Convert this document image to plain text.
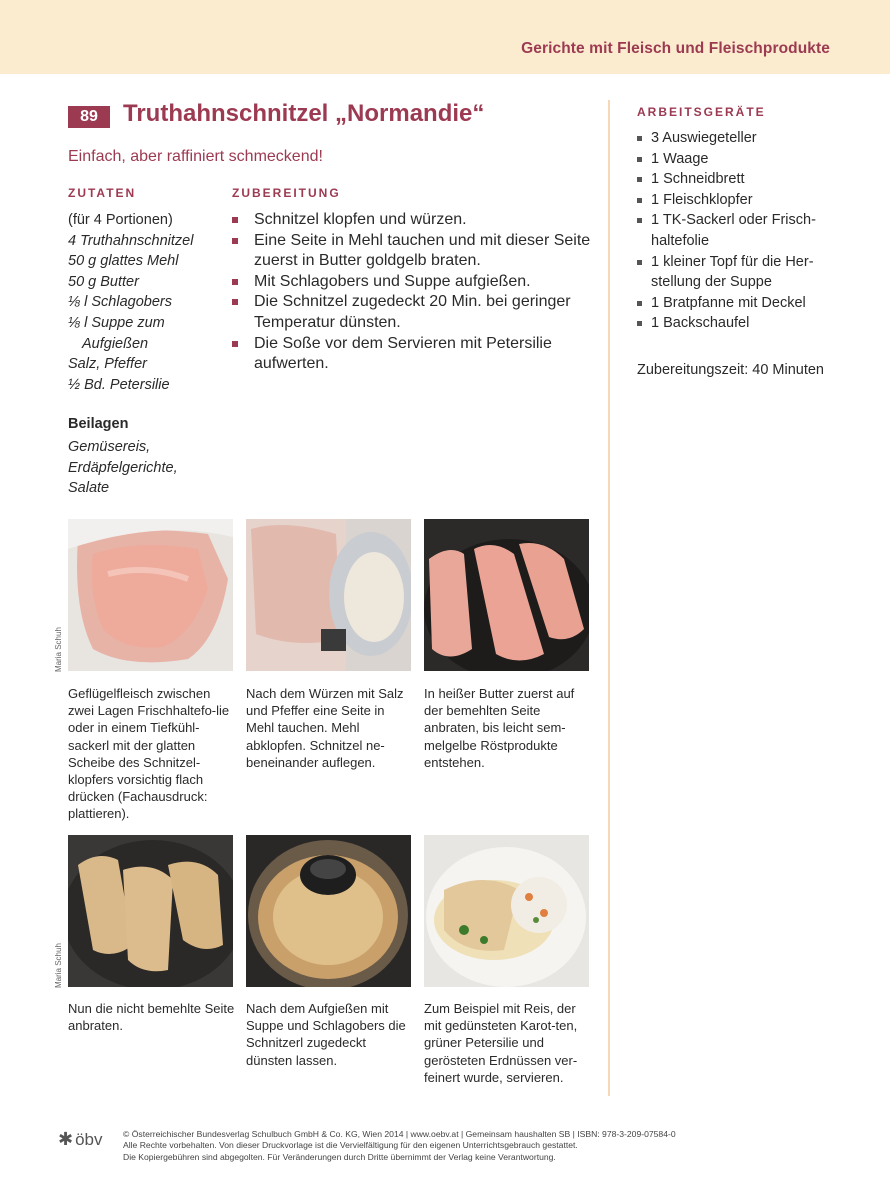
Gerichte mit Fleisch und Fleischprodukte
89	Truthahnschnitzel „Normandie“
Einfach, aber raffiniert schmeckend!
ZUTATEN	ZUBEREITUNG
ARBEITSGERÄTE
(für 4 Portionen)
4 Truthahnschnitzel
50 g glattes Mehl
50 g Butter
⅛ l Schlagobers
⅛ l Suppe zum
Aufgießen
Salz, Pfeffer
½ Bd. Petersilie
Beilagen
Gemüsereis,
Erdäpfelgerichte,
Salate
Schnitzel klopfen und würzen.
Eine Seite in Mehl tauchen und mit dieser Seite zuerst in Butter goldgelb braten.
Mit Schlagobers und Suppe aufgießen.
Die Schnitzel zugedeckt 20 Min. bei geringer Temperatur dünsten.
Die Soße vor dem Servieren mit Petersilie aufwerten.
3 Auswiegeteller
1 Waage
1 Schneidbrett
1 Fleischklopfer
1 TK-Sackerl oder Frisch-haltefolie
1 kleiner Topf für die Her-stellung der Suppe
1 Bratpfanne mit Deckel
1 Backschaufel
Zubereitungszeit: 40 Minuten
Geflügelfleisch zwischen zwei Lagen Frischhaltefo-lie oder in einem Tiefkühl-sackerl mit der glatten Scheibe des Schnitzel-klopfers vorsichtig flach drücken (Fachausdruck: plattieren).
Nach dem Würzen mit Salz und Pfeffer eine Seite in Mehl tauchen. Mehl abklopfen. Schnitzel ne-beneinander auflegen.
In heißer Butter zuerst auf der bemehlten Seite anbraten, bis leicht sem-melgelbe Röstprodukte entstehen.
Nun die nicht bemehlte Seite anbraten.
Nach dem Aufgießen mit Suppe und Schlagobers die Schnitzerl zugedeckt dünsten lassen.
Zum Beispiel mit Reis, der mit gedünsteten Karot-ten, grüner Petersilie und gerösteten Erdnüssen ver-feinert wurde, servieren.
Maria Schuh
Maria Schuh
✱ öbv © Österreichischer Bundesverlag Schulbuch GmbH & Co. KG, Wien 2014 | www.oebv.at | Gemeinsam haushalten SB | ISBN: 978-3-209-07584-0
Alle Rechte vorbehalten. Von dieser Druckvorlage ist die Vervielfältigung für den eigenen Unterrichtsgebrauch gestattet.
Die Kopiergebühren sind abgegolten. Für Veränderungen durch Dritte übernimmt der Verlag keine Verantwortung.
